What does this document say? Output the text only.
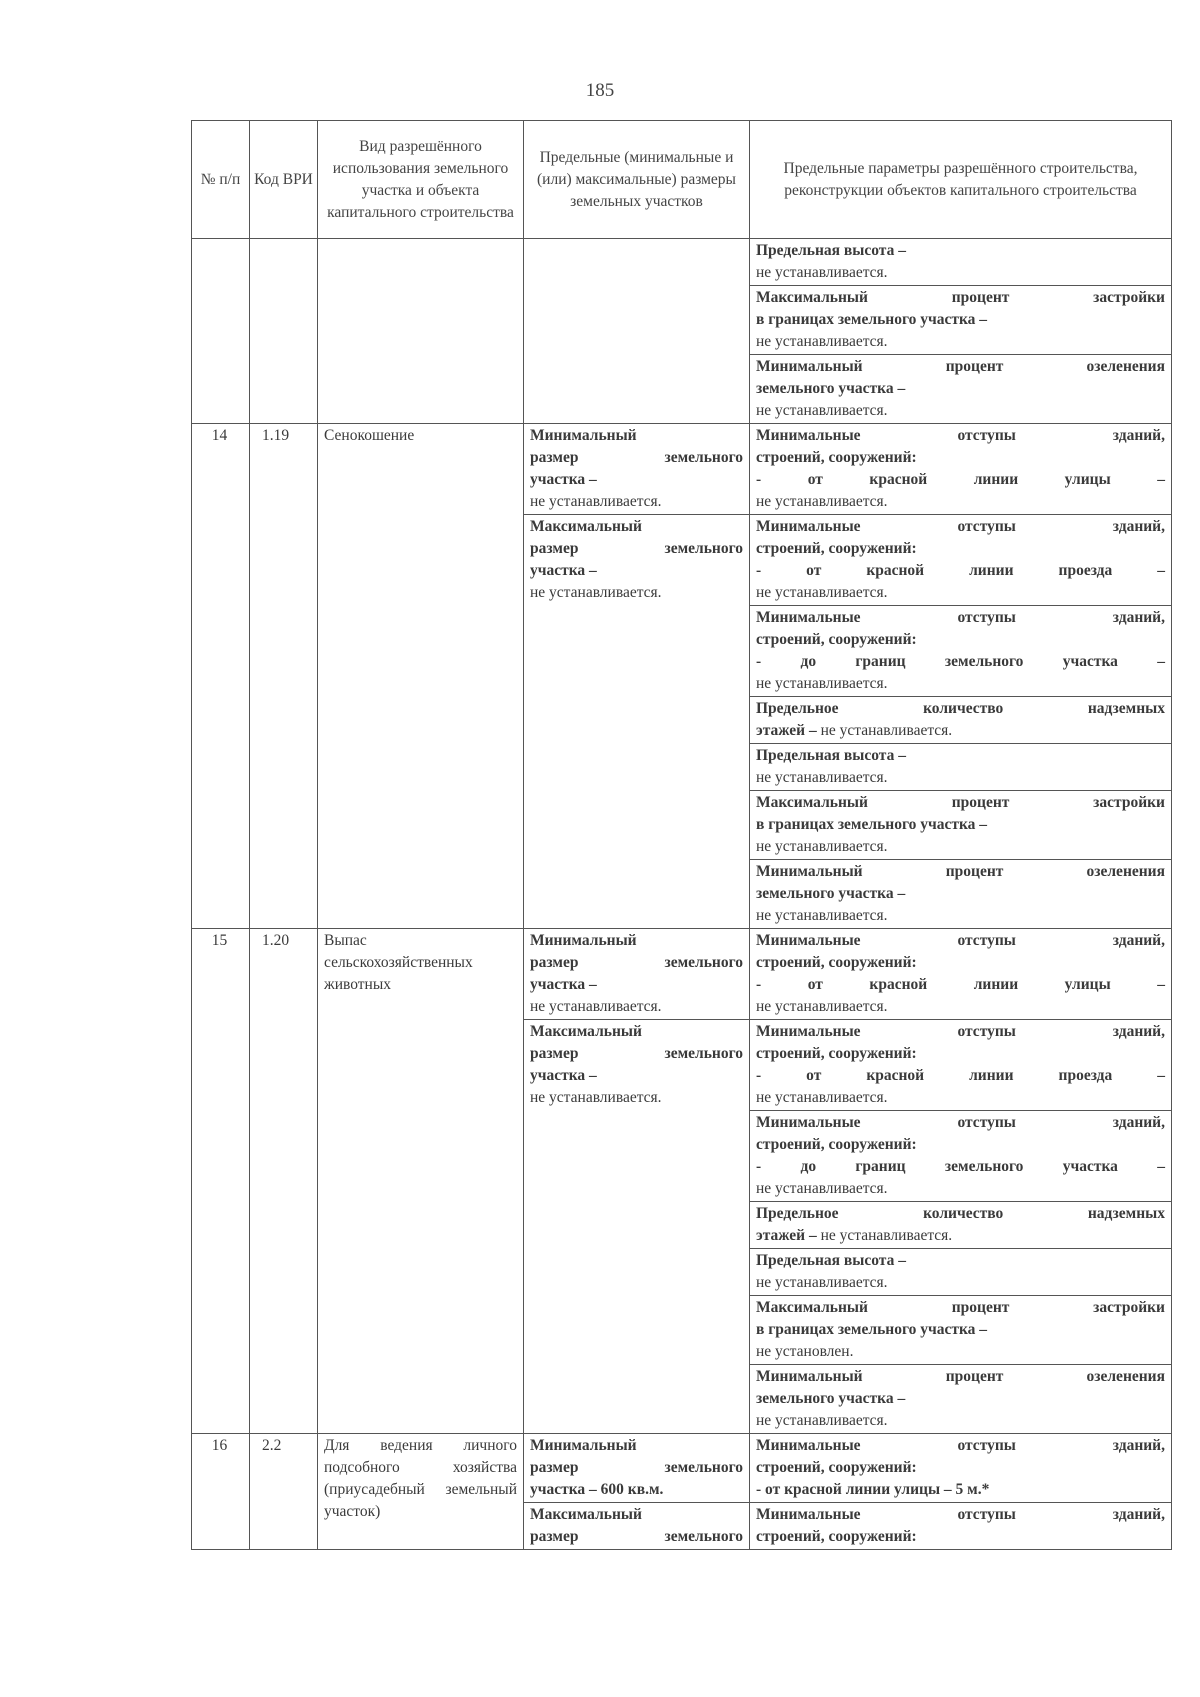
185
№ п/п	Код ВРИ	Вид разрешённого использования земельного участка и объекта капитального строительства	Предельные (минимальные и (или) максимальные) размеры земельных участков	Предельные параметры разрешённого строительства, реконструкции объектов капитального строительства

				Предельная высота –
не устанавливается.

				Максимальный процент застройки
в границах земельного участка –
не устанавливается.

				Минимальный процент озеленения
земельного участка –
не устанавливается.

14	1.19	Сенокошение	Минимальный
размер земельного
участка –
не устанавливается.	Минимальные отступы зданий,
строений, сооружений:
- от красной линии улицы –
не устанавливается.

			Максимальный
размер земельного
участка –
не устанавливается.	Минимальные отступы зданий,
строений, сооружений:
- от красной линии проезда –
не устанавливается.

				Минимальные отступы зданий,
строений, сооружений:
- до границ земельного участка –
не устанавливается.

				Предельное количество надземных
этажей – не устанавливается.

				Предельная высота –
не устанавливается.

				Максимальный процент застройки
в границах земельного участка –
не устанавливается.

				Минимальный процент озеленения
земельного участка –
не устанавливается.

15	1.20	Выпас
сельскохозяйственных
животных	Минимальный
размер земельного
участка –
не устанавливается.	Минимальные отступы зданий,
строений, сооружений:
- от красной линии улицы –
не устанавливается.

			Максимальный
размер земельного
участка –
не устанавливается.	Минимальные отступы зданий,
строений, сооружений:
- от красной линии проезда –
не устанавливается.

				Минимальные отступы зданий,
строений, сооружений:
- до границ земельного участка –
не устанавливается.

				Предельное количество надземных
этажей – не устанавливается.

				Предельная высота –
не устанавливается.

				Максимальный процент застройки
в границах земельного участка –
не установлен.

				Минимальный процент озеленения
земельного участка –
не устанавливается.

16	2.2	Для ведения личного подсобного хозяйства (приусадебный земельный участок)	Минимальный
размер земельного
участка – 600 кв.м.	Минимальные отступы зданий,
строений, сооружений:
- от красной линии улицы – 5 м.*

			Максимальный
размер земельного	Минимальные отступы зданий,
строений, сооружений:
